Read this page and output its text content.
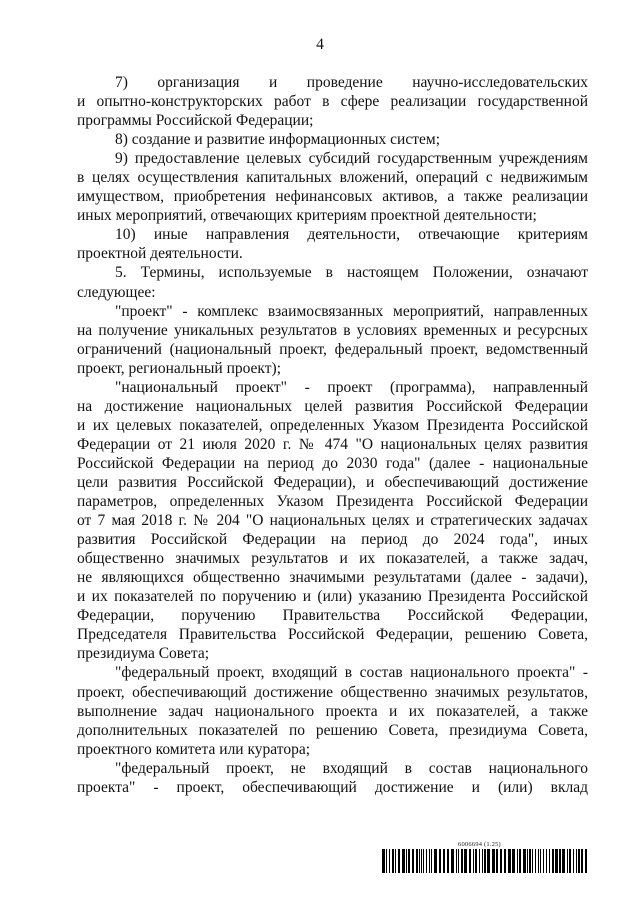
4
7) организация и проведение научно-исследовательских
и опытно-конструкторских работ в сфере реализации государственной
программы Российской Федерации;
8) создание и развитие информационных систем;
9) предоставление целевых субсидий государственным учреждениям
в целях осуществления капитальных вложений, операций с недвижимым
имуществом, приобретения нефинансовых активов, а также реализации
иных мероприятий, отвечающих критериям проектной деятельности;
10) иные направления деятельности, отвечающие критериям
проектной деятельности.
5. Термины, используемые в настоящем Положении, означают
следующее:
"проект" - комплекс взаимосвязанных мероприятий, направленных
на получение уникальных результатов в условиях временных и ресурсных
ограничений (национальный проект, федеральный проект, ведомственный
проект, региональный проект);
"национальный проект" - проект (программа), направленный
на достижение национальных целей развития Российской Федерации
и их целевых показателей, определенных Указом Президента Российской
Федерации от 21 июля 2020 г. № 474 "О национальных целях развития
Российской Федерации на период до 2030 года" (далее - национальные
цели развития Российской Федерации), и обеспечивающий достижение
параметров, определенных Указом Президента Российской Федерации
от 7 мая 2018 г. № 204 "О национальных целях и стратегических задачах
развития Российской Федерации на период до 2024 года", иных
общественно значимых результатов и их показателей, а также задач,
не являющихся общественно значимыми результатами (далее - задачи),
и их показателей по поручению и (или) указанию Президента Российской
Федерации, поручению Правительства Российской Федерации,
Председателя Правительства Российской Федерации, решению Совета,
президиума Совета;
"федеральный проект, входящий в состав национального проекта" -
проект, обеспечивающий достижение общественно значимых результатов,
выполнение задач национального проекта и их показателей, а также
дополнительных показателей по решению Совета, президиума Совета,
проектного комитета или куратора;
"федеральный проект, не входящий в состав национального
проекта" - проект, обеспечивающий достижение и (или) вклад
6006694 (1.25)
